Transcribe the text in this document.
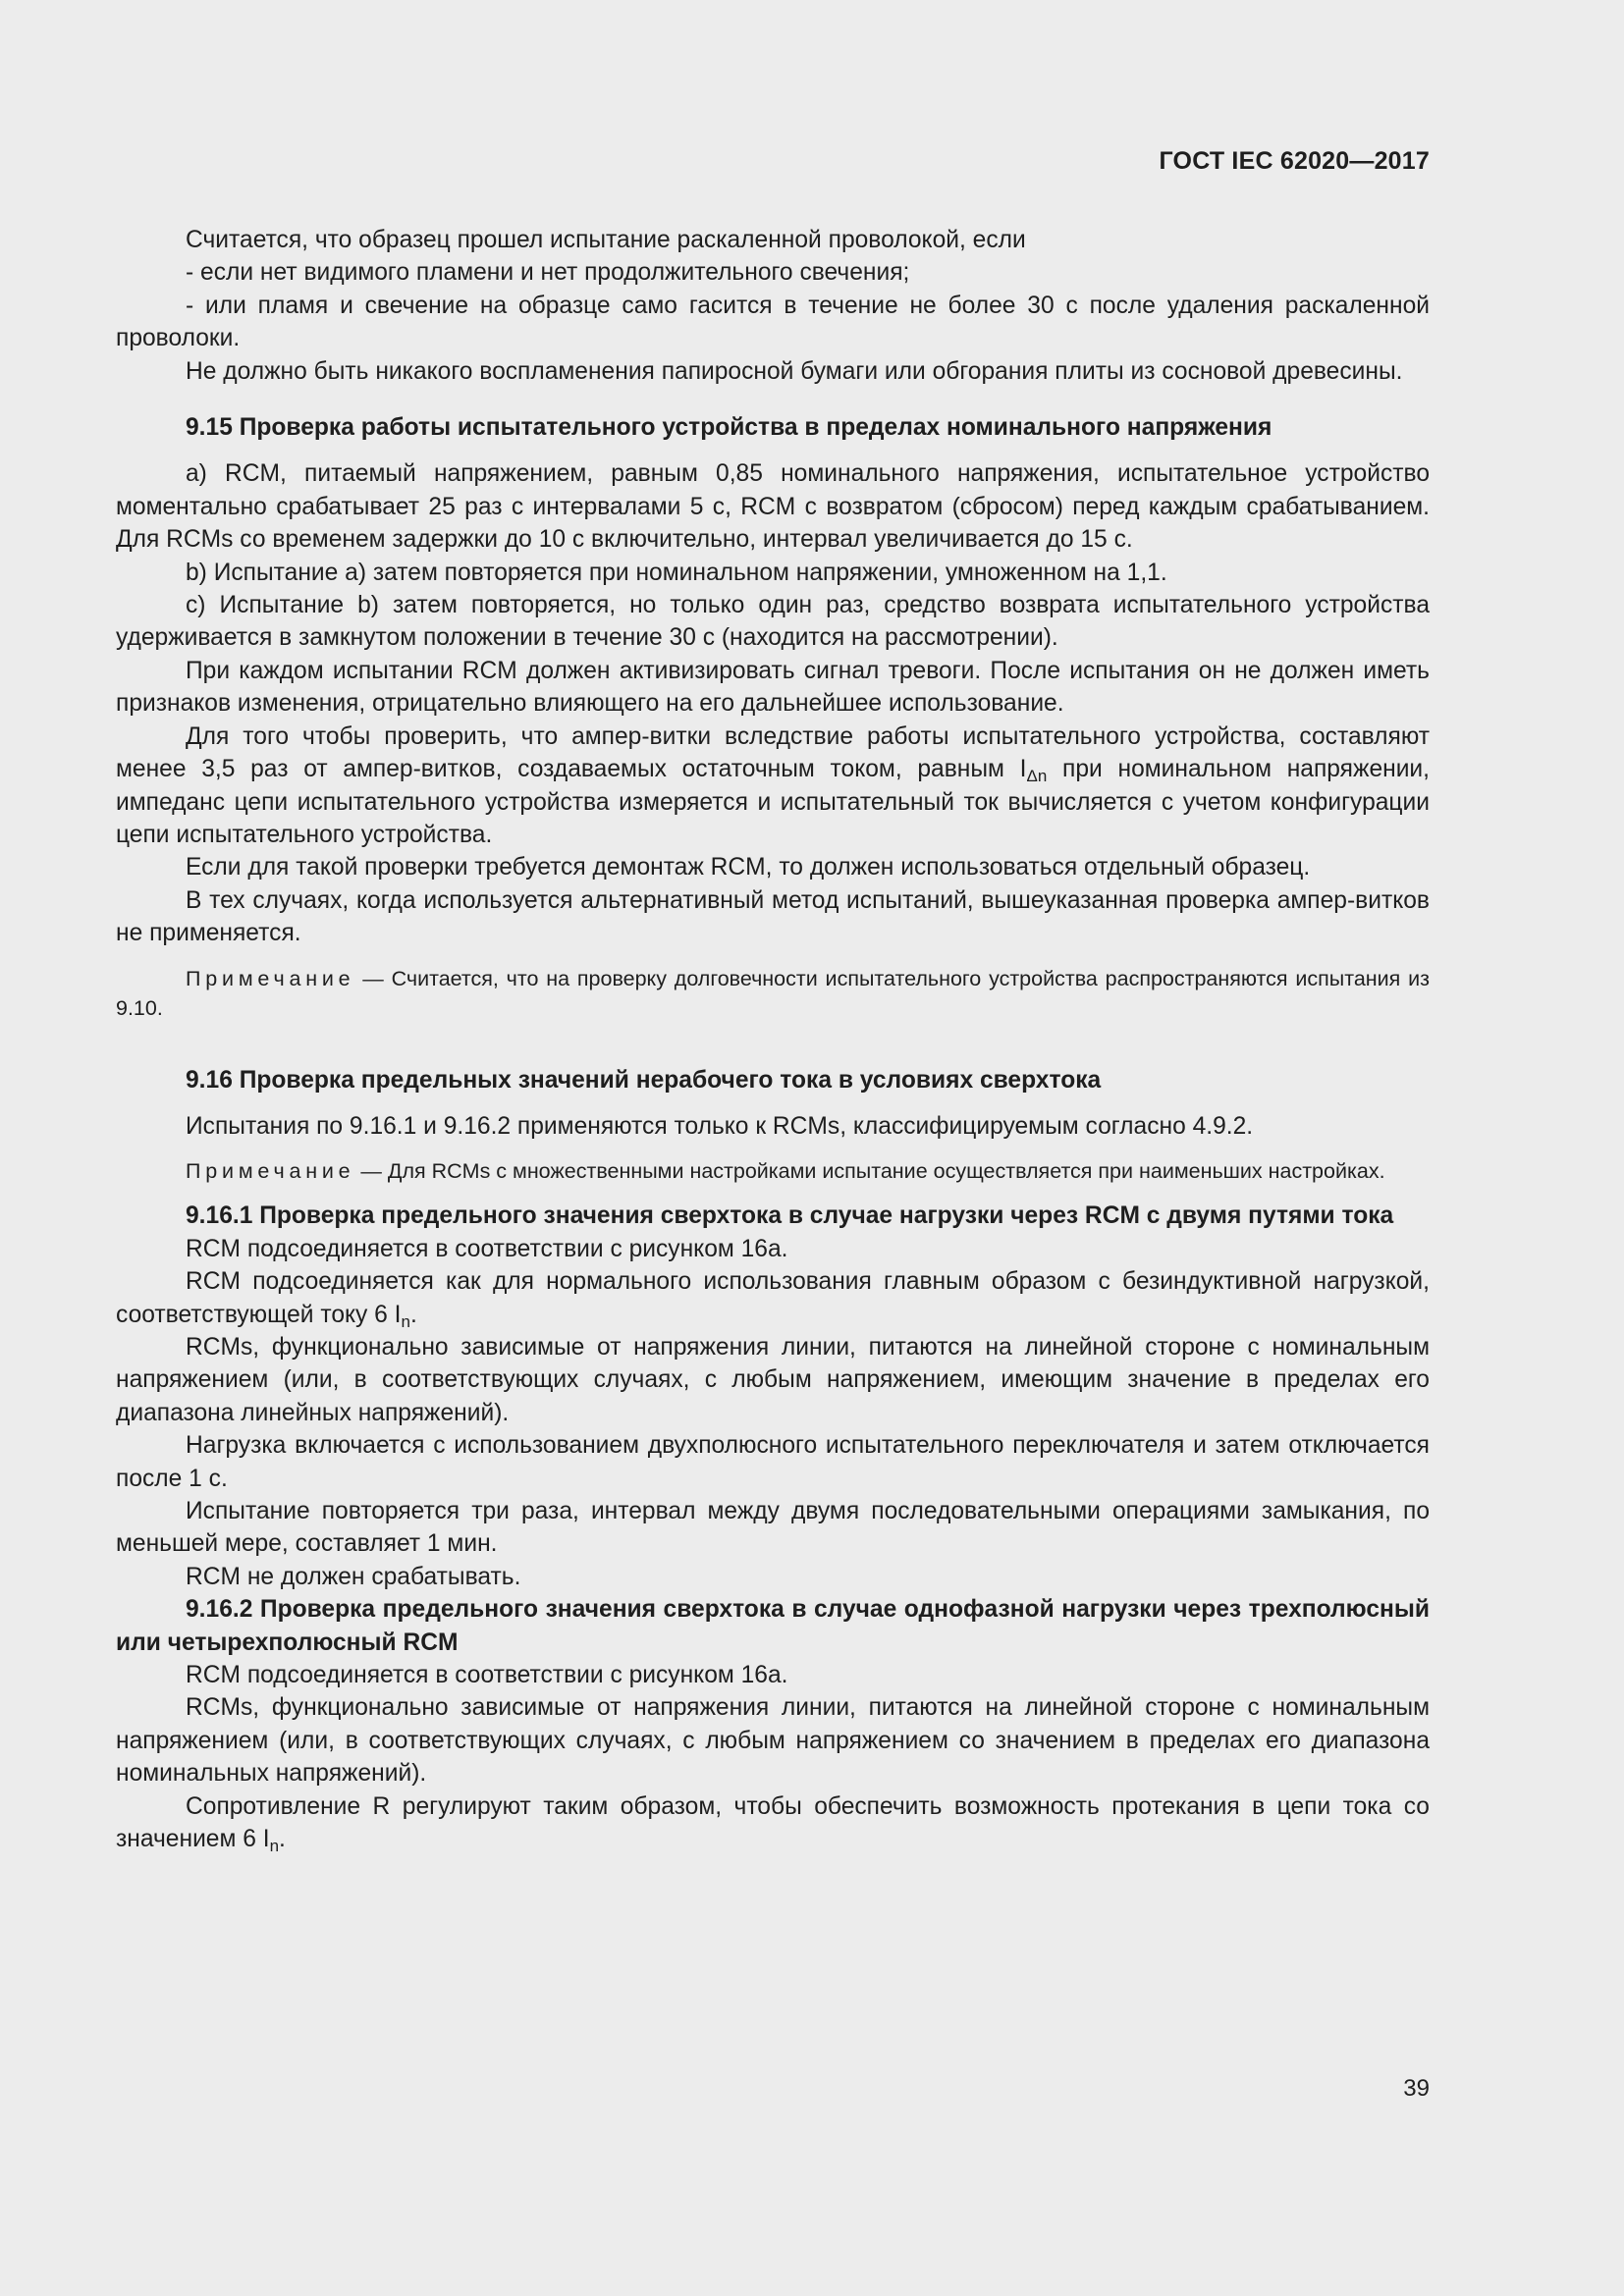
ГОСТ IEC 62020—2017

Считается, что образец прошел испытание раскаленной проволокой, если

- если нет видимого пламени и нет продолжительного свечения;

- или пламя и свечение на образце само гасится в течение не более 30 с после удаления раскаленной проволоки.

Не должно быть никакого воспламенения папиросной бумаги или обгорания плиты из сосновой древесины.

9.15 Проверка работы испытательного устройства в пределах номинального напряжения

а) RCM, питаемый напряжением, равным 0,85 номинального напряжения, испытательное устройство моментально срабатывает 25 раз с интервалами 5 с, RCM с возвратом (сбросом) перед каждым срабатыванием. Для RCMs со временем задержки до 10 с включительно, интервал увеличивается до 15 с.

b) Испытание а) затем повторяется при номинальном напряжении, умноженном на 1,1.

с) Испытание b) затем повторяется, но только один раз, средство возврата испытательного устройства удерживается в замкнутом положении в течение 30 с (находится на рассмотрении).

При каждом испытании RCM должен активизировать сигнал тревоги. После испытания он не должен иметь признаков изменения, отрицательно влияющего на его дальнейшее использование.

Для того чтобы проверить, что ампер-витки вследствие работы испытательного устройства, составляют менее 3,5 раз от ампер-витков, создаваемых остаточным током, равным $I_{\Delta n}$ при номинальном напряжении, импеданс цепи испытательного устройства измеряется и испытательный ток вычисляется с учетом конфигурации цепи испытательного устройства.

Если для такой проверки требуется демонтаж RCM, то должен использоваться отдельный образец.

В тех случаях, когда используется альтернативный метод испытаний, вышеуказанная проверка ампер-витков не применяется.

Примечание — Считается, что на проверку долговечности испытательного устройства распространяются испытания из 9.10.

9.16 Проверка предельных значений нерабочего тока в условиях сверхтока

Испытания по 9.16.1 и 9.16.2 применяются только к RCMs, классифицируемым согласно 4.9.2.

Примечание — Для RCMs с множественными настройками испытание осуществляется при наименьших настройках.

9.16.1 Проверка предельного значения сверхтока в случае нагрузки через RCM с двумя путями тока

RCM подсоединяется в соответствии с рисунком 16а.

RCM подсоединяется как для нормального использования главным образом с безиндуктивной нагрузкой, соответствующей току 6 $I_n$.

RCMs, функционально зависимые от напряжения линии, питаются на линейной стороне с номинальным напряжением (или, в соответствующих случаях, с любым напряжением, имеющим значение в пределах его диапазона линейных напряжений).

Нагрузка включается с использованием двухполюсного испытательного переключателя и затем отключается после 1 с.

Испытание повторяется три раза, интервал между двумя последовательными операциями замыкания, по меньшей мере, составляет 1 мин.

RCM не должен срабатывать.

9.16.2 Проверка предельного значения сверхтока в случае однофазной нагрузки через трехполюсный или четырехполюсный RCM

RCM подсоединяется в соответствии с рисунком 16а.

RCMs, функционально зависимые от напряжения линии, питаются на линейной стороне с номинальным напряжением (или, в соответствующих случаях, с любым напряжением со значением в пределах его диапазона номинальных напряжений).

Сопротивление R регулируют таким образом, чтобы обеспечить возможность протекания в цепи тока со значением 6 $I_n$.

39
